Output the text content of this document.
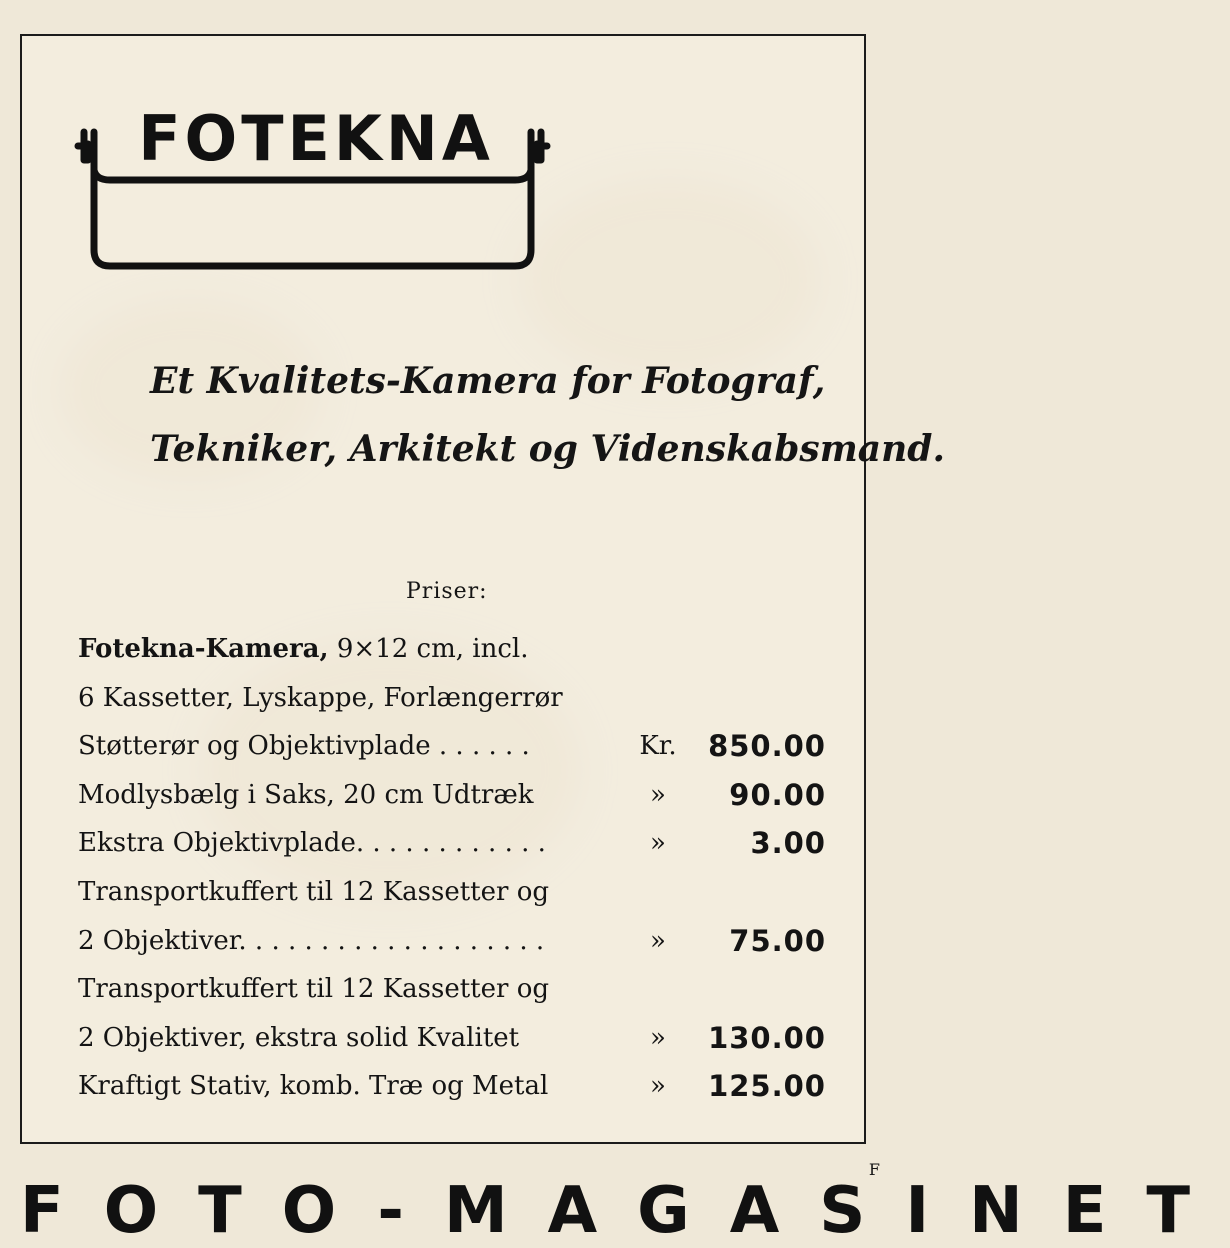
FOTEKNA
Et Kvalitets-Kamera for Fotograf,
Tekniker, Arkitekt og Videnskabsmand.
Priser:
Fotekna-Kamera, 9×12 cm, incl.
6 Kassetter, Lyskappe, Forlængerrør
Støtterør og Objektivplade . . . . . .	Kr.	850.00
Modlysbælg i Saks, 20 cm Udtræk	»	90.00
Ekstra Objektivplade. . . . . . . . . . . .	»	3.00
Transportkuffert til 12 Kassetter og
2 Objektiver. . . . . . . . . . . . . . . . . . .	»	75.00
Transportkuffert til 12 Kassetter og
2 Objektiver, ekstra solid Kvalitet	»	130.00
Kraftigt Stativ, komb. Træ og Metal	»	125.00
FOTO-MAGASINET
F
